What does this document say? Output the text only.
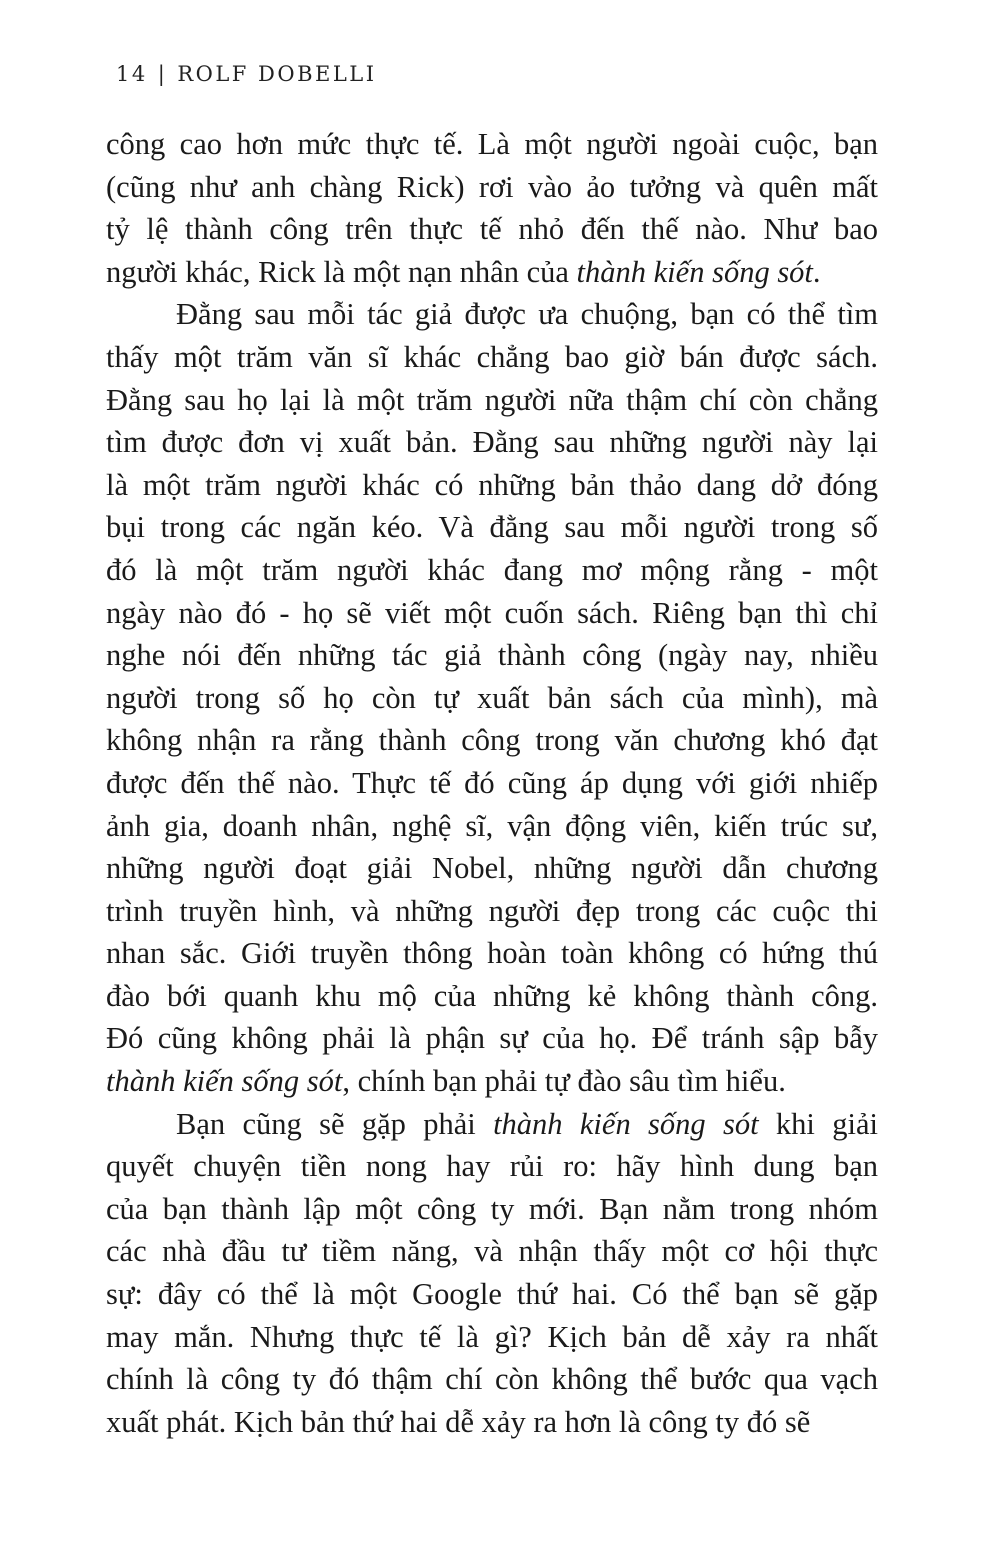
14 | ROLF DOBELLI
công cao hơn mức thực tế. Là một người ngoài cuộc, bạn
(cũng như anh chàng Rick) rơi vào ảo tưởng và quên mất
tỷ lệ thành công trên thực tế nhỏ đến thế nào. Như bao
người khác, Rick là một nạn nhân của thành kiến sống sót.
Đằng sau mỗi tác giả được ưa chuộng, bạn có thể tìm
thấy một trăm văn sĩ khác chẳng bao giờ bán được sách.
Đằng sau họ lại là một trăm người nữa thậm chí còn chẳng
tìm được đơn vị xuất bản. Đằng sau những người này lại
là một trăm người khác có những bản thảo dang dở đóng
bụi trong các ngăn kéo. Và đằng sau mỗi người trong số
đó là một trăm người khác đang mơ mộng rằng - một
ngày nào đó - họ sẽ viết một cuốn sách. Riêng bạn thì chỉ
nghe nói đến những tác giả thành công (ngày nay, nhiều
người trong số họ còn tự xuất bản sách của mình), mà
không nhận ra rằng thành công trong văn chương khó đạt
được đến thế nào. Thực tế đó cũng áp dụng với giới nhiếp
ảnh gia, doanh nhân, nghệ sĩ, vận động viên, kiến trúc sư,
những người đoạt giải Nobel, những người dẫn chương
trình truyền hình, và những người đẹp trong các cuộc thi
nhan sắc. Giới truyền thông hoàn toàn không có hứng thú
đào bới quanh khu mộ của những kẻ không thành công.
Đó cũng không phải là phận sự của họ. Để tránh sập bẫy
thành kiến sống sót, chính bạn phải tự đào sâu tìm hiểu.
Bạn cũng sẽ gặp phải thành kiến sống sót khi giải
quyết chuyện tiền nong hay rủi ro: hãy hình dung bạn
của bạn thành lập một công ty mới. Bạn nằm trong nhóm
các nhà đầu tư tiềm năng, và nhận thấy một cơ hội thực
sự: đây có thể là một Google thứ hai. Có thể bạn sẽ gặp
may mắn. Nhưng thực tế là gì? Kịch bản dễ xảy ra nhất
chính là công ty đó thậm chí còn không thể bước qua vạch
xuất phát. Kịch bản thứ hai dễ xảy ra hơn là công ty đó sẽ
